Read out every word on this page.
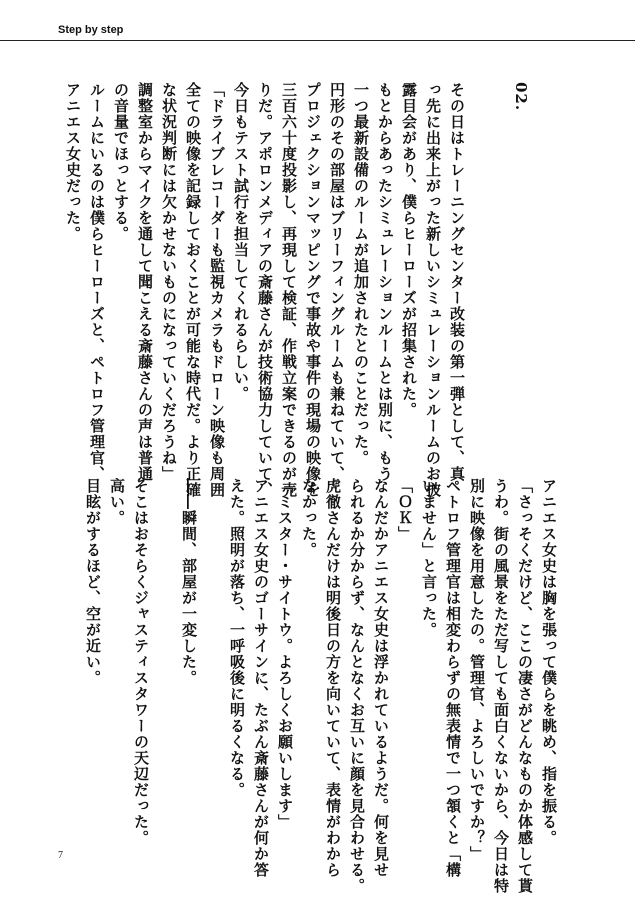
Step by step

02.

その日はトレーニングセンター改装の第一弾として、真

っ先に出来上がった新しいシミュレーションルームのお披

露目会があり、僕らヒーローズが招集された。

もとからあったシミュレーションルームとは別に、もう

一つ最新設備のルームが追加されたとのことだった。

円形のその部屋はブリーフィングルームも兼ねていて、

プロジェクションマッピングで事故や事件の現場の映像を

三百六十度投影し、再現して検証、作戦立案できるのが売

りだ。アポロンメディアの斎藤さんが技術協力していて、

今日もテスト試行を担当してくれるらしい。

「ドライブレコーダーも監視カメラもドローン映像も周囲

全ての映像を記録しておくことが可能な時代だ。より正確

な状況判断には欠かせないものになっていくだろうね」

調整室からマイクを通して聞こえる斎藤さんの声は普通

の音量でほっとする。

ルームにいるのは僕らヒーローズと、ペトロフ管理官、

アニエス女史だった。

アニエス女史は胸を張って僕らを眺め、指を振る。

「さっそくだけど、ここの凄さがどんなものか体感して貰

うわ。街の風景をただ写しても面白くないから、今日は特

別に映像を用意したの。管理官、よろしいですか？」

ペトロフ管理官は相変わらずの無表情で一つ頷くと「構

いません」と言った。

「ＯＫ」

なんだかアニエス女史は浮かれているようだ。何を見せ

られるか分からず、なんとなくお互いに顔を見合わせる。

虎徹さんだけは明後日の方を向いていて、表情がわから

なかった。

「ミスター・サイトウ。よろしくお願いします」

アニエス女史のゴーサインに、たぶん斎藤さんが何か答

えた。照明が落ち、一呼吸後に明るくなる。

――瞬間、部屋が一変した。

そこはおそらくジャスティスタワーの天辺だった。

高い。

目眩がするほど、空が近い。

7
